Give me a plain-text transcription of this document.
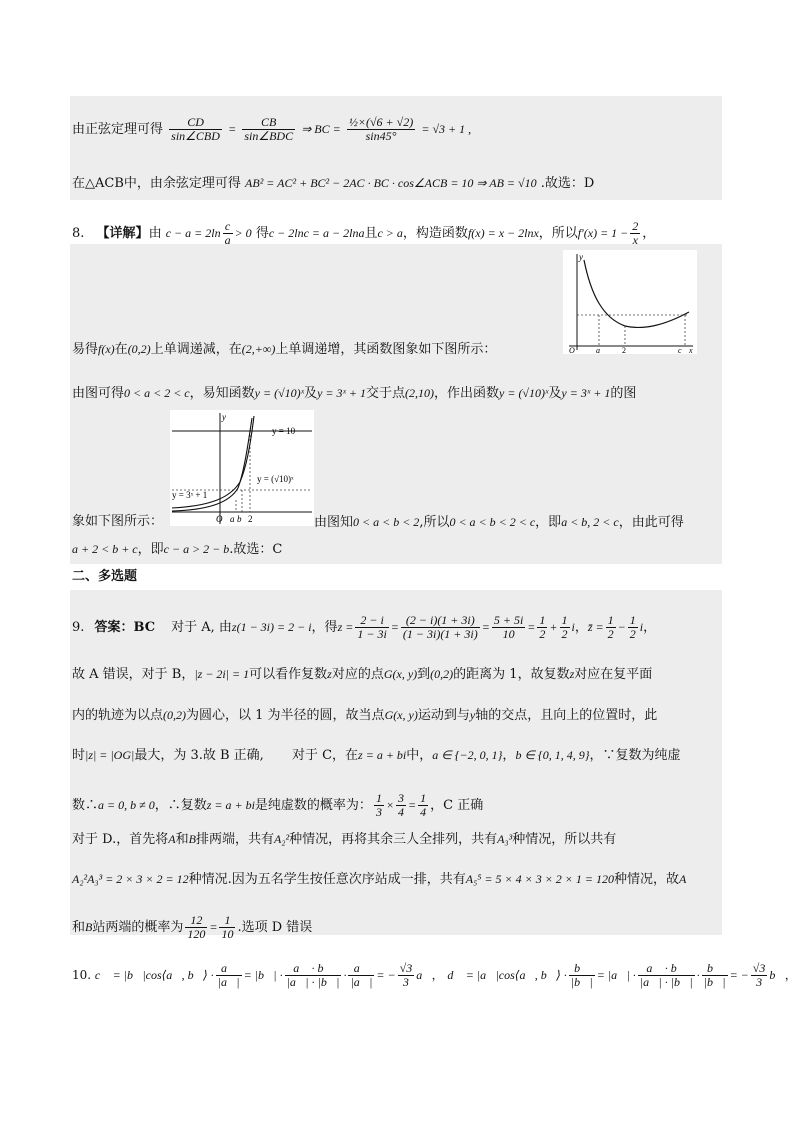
由正弦定理可得 $\frac{CD}{\text{sin∠CBD}} = \frac{CB}{\text{sin∠BDC}}$ ⇒ BC = $\frac{\text{½×(√6 + √2)}}{\sin 45^\circ} = √3 + 1$ ,
在△ACB中，由余弦定理可得 AB² = AC² + BC² − 2AC · BC · cos∠ACB = 10 ⇒ AB = √10 .故选：D
8. 【详解】由 $c - a = 2\ln \frac{c}{a} > 0$ 得c − 2lnc = a − 2lna且c > a，构造函数f(x) = x − 2lnx，所以$f'(x) = 1 - \frac{2}{x}$ ，
y
x
O	a	2	c
易得f(x)在(0,2)上单调递减，在(2,+∞)上单调递增，其函数图象如下图所示：
由图可得0 < a < 2 < c，易知函数y = (√10)ˣ及y = 3ˣ + 1交于点(2,10)，作出函数y = (√10)ˣ及y = 3ˣ + 1的图
y = 10
y = (√10)ˣ
y = 3ˣ + 1
y
O a b 2
象如下图所示：	由图知0 < a < b < 2,所以0 < a < b < 2 < c，即a < b, 2 < c，由此可得
a + 2 < b + c，即c − a > 2 − b.故选：C
二、多选题
9. 答案：BC 对于 A, 由z(1 − 3i) = 2 − i，得$z = \frac{2 - i}{1 - 3i} = \frac{(2 - i)(1 + 3i)}{(1 - 3i)(1 + 3i)} = \frac{5 + 5i}{10} = \frac{1}{2} + \frac{1}{2}$ i，z̄ = $\frac{1}{2} - \frac{1}{2}$ i，
故 A 错误，对于 B，|z − 2i| = 1可以看作复数z对应的点G(x, y)到(0,2)的距离为 1，故复数z对应在复平面
内的轨迹为以点(0,2)为圆心，以 1 为半径的圆，故当点G(x, y)运动到与y轴的交点，且向上的位置时，此
时|z| = |OG|最大，为 3.故 B 正确, 对于 C，在z = a + bi中，a ∈ {−2, 0, 1}，b ∈ {0, 1, 4, 9}，∵复数为纯虚
数∴a = 0, b ≠ 0，∴复数z = a + bi是纯虚数的概率为： $\frac{1}{3} \times \frac{3}{4} = \frac{1}{4}$ ，C 正确
对于 D.，首先将A和B排两端，共有A₂²种情况，再将其余三人全排列，共有A₃³种情况，所以共有
A₂²A₃³ = 2 × 3 × 2 = 12种情况.因为五名学生按任意次序站成一排，共有A₅⁵ = 5 × 4 × 3 × 2 × 1 = 120种情况，故A
和B站两端的概率为 $\frac{12}{120} = \frac{1}{10}$ .选项 D 错误
10. c⃗ = |b⃗|cos⟨a⃗, b⃗⟩ · $\frac{a⃗}{|a⃗|}$ = |b⃗| · $\frac{a⃗ \cdot b⃗}{|a⃗| \cdot |b⃗|} \cdot \frac{a⃗}{|a⃗|}$ = − $\frac{√3}{3}$ a⃗， d⃗ = |a⃗|cos⟨a⃗, b⃗⟩ · $\frac{b⃗}{|b⃗|}$ = |a⃗| · $\frac{a⃗ \cdot b⃗}{|a⃗| \cdot |b⃗|} \cdot \frac{b⃗}{|b⃗|}$ = − $\frac{√3}{3}$ b⃗，
